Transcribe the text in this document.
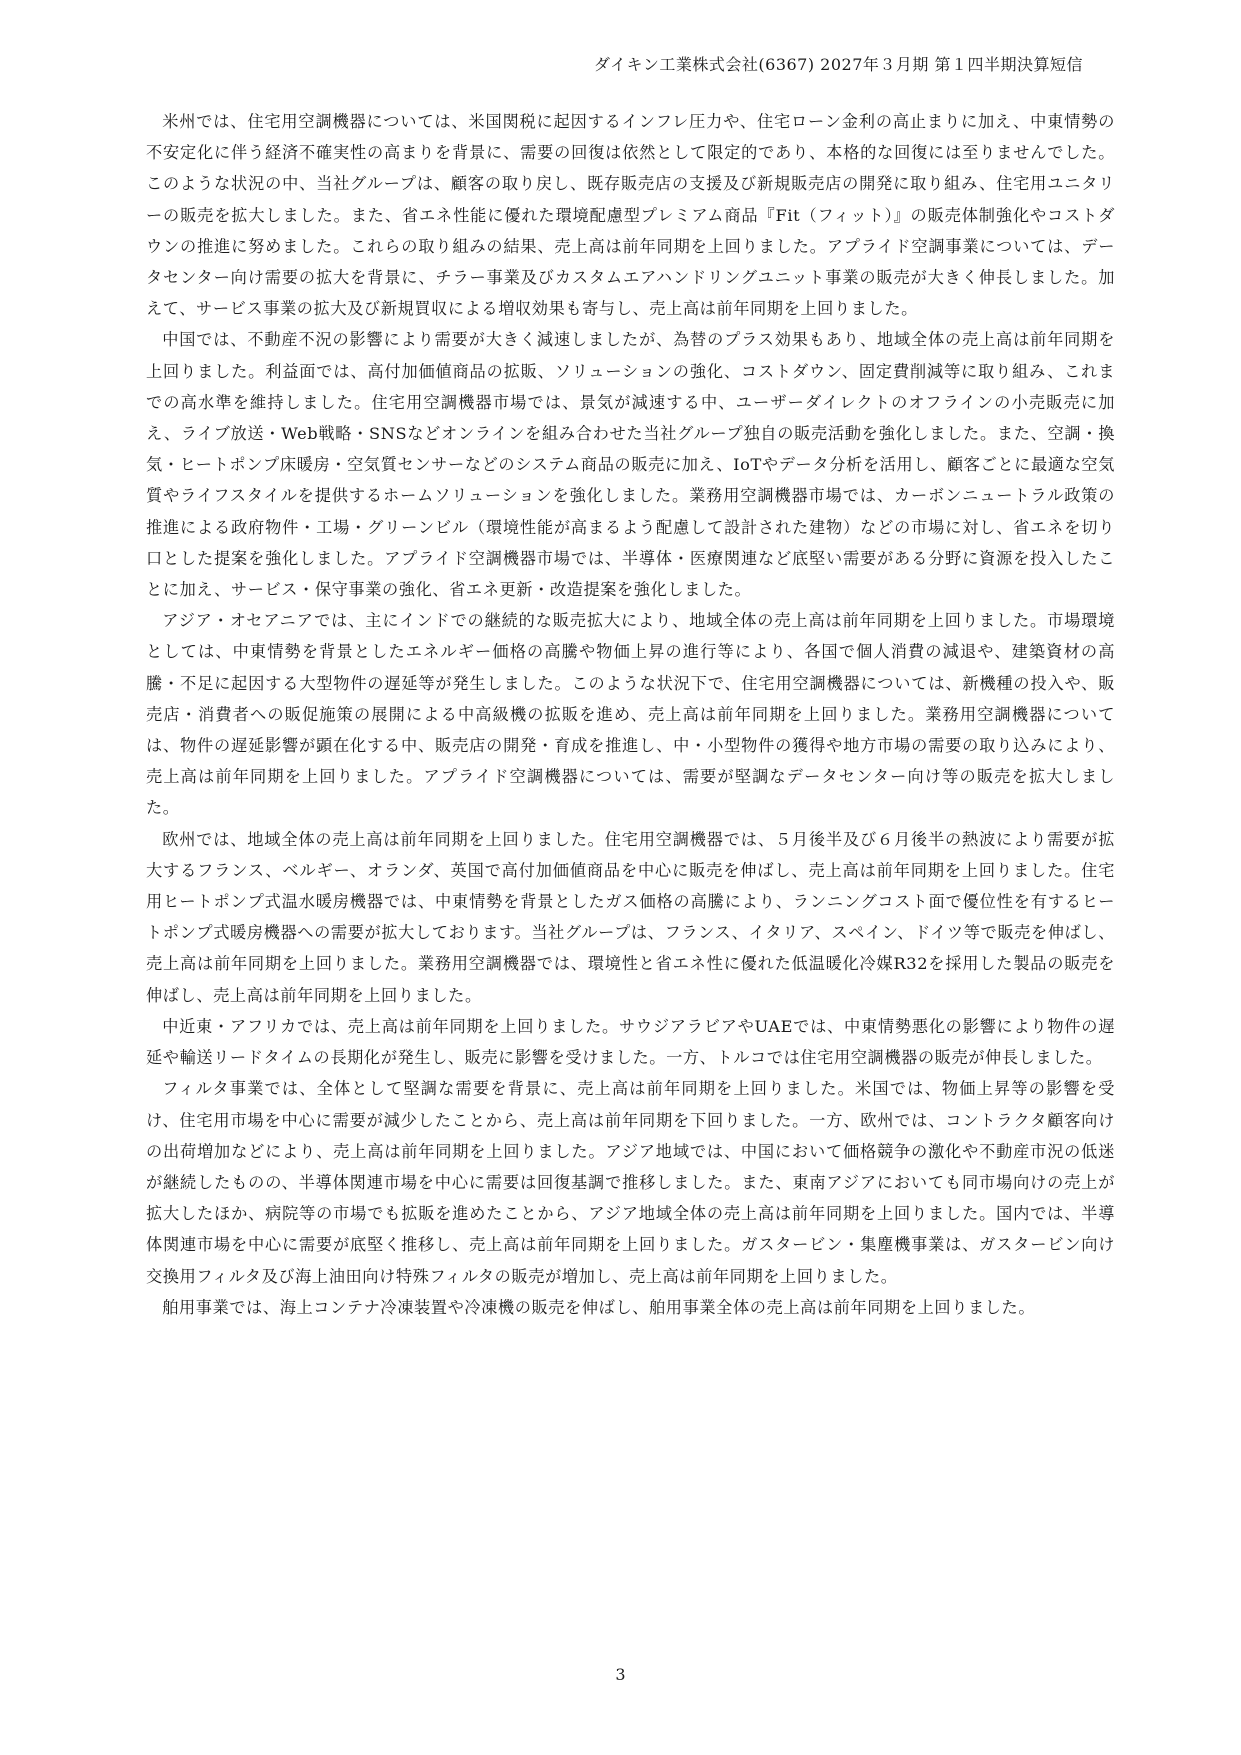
ダイキン工業株式会社(6367) 2027年３月期 第１四半期決算短信

米州では、住宅用空調機器については、米国関税に起因するインフレ圧力や、住宅ローン金利の高止まりに加え、中東情勢の不安定化に伴う経済不確実性の高まりを背景に、需要の回復は依然として限定的であり、本格的な回復には至りませんでした。このような状況の中、当社グループは、顧客の取り戻し、既存販売店の支援及び新規販売店の開発に取り組み、住宅用ユニタリーの販売を拡大しました。また、省エネ性能に優れた環境配慮型プレミアム商品『Fit（フィット）』の販売体制強化やコストダウンの推進に努めました。これらの取り組みの結果、売上高は前年同期を上回りました。アプライド空調事業については、データセンター向け需要の拡大を背景に、チラー事業及びカスタムエアハンドリングユニット事業の販売が大きく伸長しました。加えて、サービス事業の拡大及び新規買収による増収効果も寄与し、売上高は前年同期を上回りました。

中国では、不動産不況の影響により需要が大きく減速しましたが、為替のプラス効果もあり、地域全体の売上高は前年同期を上回りました。利益面では、高付加価値商品の拡販、ソリューションの強化、コストダウン、固定費削減等に取り組み、これまでの高水準を維持しました。住宅用空調機器市場では、景気が減速する中、ユーザーダイレクトのオフラインの小売販売に加え、ライブ放送・Web戦略・SNSなどオンラインを組み合わせた当社グループ独自の販売活動を強化しました。また、空調・換気・ヒートポンプ床暖房・空気質センサーなどのシステム商品の販売に加え、IoTやデータ分析を活用し、顧客ごとに最適な空気質やライフスタイルを提供するホームソリューションを強化しました。業務用空調機器市場では、カーボンニュートラル政策の推進による政府物件・工場・グリーンビル（環境性能が高まるよう配慮して設計された建物）などの市場に対し、省エネを切り口とした提案を強化しました。アプライド空調機器市場では、半導体・医療関連など底堅い需要がある分野に資源を投入したことに加え、サービス・保守事業の強化、省エネ更新・改造提案を強化しました。

アジア・オセアニアでは、主にインドでの継続的な販売拡大により、地域全体の売上高は前年同期を上回りました。市場環境としては、中東情勢を背景としたエネルギー価格の高騰や物価上昇の進行等により、各国で個人消費の減退や、建築資材の高騰・不足に起因する大型物件の遅延等が発生しました。このような状況下で、住宅用空調機器については、新機種の投入や、販売店・消費者への販促施策の展開による中高級機の拡販を進め、売上高は前年同期を上回りました。業務用空調機器については、物件の遅延影響が顕在化する中、販売店の開発・育成を推進し、中・小型物件の獲得や地方市場の需要の取り込みにより、売上高は前年同期を上回りました。アプライド空調機器については、需要が堅調なデータセンター向け等の販売を拡大しました。

欧州では、地域全体の売上高は前年同期を上回りました。住宅用空調機器では、５月後半及び６月後半の熱波により需要が拡大するフランス、ベルギー、オランダ、英国で高付加価値商品を中心に販売を伸ばし、売上高は前年同期を上回りました。住宅用ヒートポンプ式温水暖房機器では、中東情勢を背景としたガス価格の高騰により、ランニングコスト面で優位性を有するヒートポンプ式暖房機器への需要が拡大しております。当社グループは、フランス、イタリア、スペイン、ドイツ等で販売を伸ばし、売上高は前年同期を上回りました。業務用空調機器では、環境性と省エネ性に優れた低温暖化冷媒R32を採用した製品の販売を伸ばし、売上高は前年同期を上回りました。

中近東・アフリカでは、売上高は前年同期を上回りました。サウジアラビアやUAEでは、中東情勢悪化の影響により物件の遅延や輸送リードタイムの長期化が発生し、販売に影響を受けました。一方、トルコでは住宅用空調機器の販売が伸長しました。

フィルタ事業では、全体として堅調な需要を背景に、売上高は前年同期を上回りました。米国では、物価上昇等の影響を受け、住宅用市場を中心に需要が減少したことから、売上高は前年同期を下回りました。一方、欧州では、コントラクタ顧客向けの出荷増加などにより、売上高は前年同期を上回りました。アジア地域では、中国において価格競争の激化や不動産市況の低迷が継続したものの、半導体関連市場を中心に需要は回復基調で推移しました。また、東南アジアにおいても同市場向けの売上が拡大したほか、病院等の市場でも拡販を進めたことから、アジア地域全体の売上高は前年同期を上回りました。国内では、半導体関連市場を中心に需要が底堅く推移し、売上高は前年同期を上回りました。ガスタービン・集塵機事業は、ガスタービン向け交換用フィルタ及び海上油田向け特殊フィルタの販売が増加し、売上高は前年同期を上回りました。

舶用事業では、海上コンテナ冷凍装置や冷凍機の販売を伸ばし、舶用事業全体の売上高は前年同期を上回りました。

3
